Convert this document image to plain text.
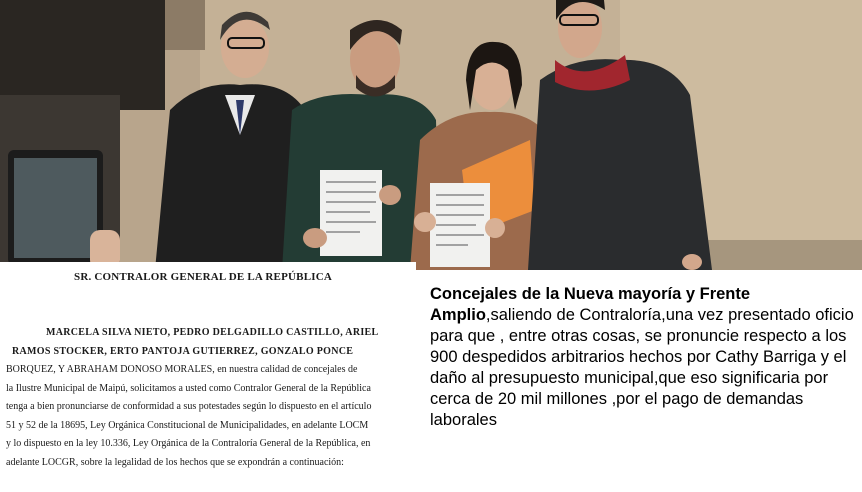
SR. CONTRALOR GENERAL DE LA REPÚBLICA
MARCELA SILVA NIETO, PEDRO DELGADILLO CASTILLO, ARIEL
RAMOS STOCKER, ERTO PANTOJA GUTIERREZ, GONZALO PONCE
BORQUEZ, Y ABRAHAM DONOSO MORALES, en nuestra calidad de concejales de
la Ilustre Municipal de Maipú, solicitamos a usted como Contralor General de la República
tenga a bien pronunciarse de conformidad a sus potestades según lo dispuesto en el artículo
51 y 52 de la 18695, Ley Orgánica Constitucional de Municipalidades, en adelante LOCM
y lo dispuesto en la ley 10.336, Ley Orgánica de la Contraloría General de la República, en
adelante LOCGR, sobre la legalidad de los hechos que se expondrán a continuación:
Concejales de la Nueva mayoría y Frente Amplio,saliendo de Contraloría,una vez presentado oficio para que , entre otras cosas, se pronuncie respecto a los 900 despedidos arbitrarios hechos por Cathy Barriga y el daño al presupuesto municipal,que eso significaria por cerca de 20 mil millones ,por el pago de demandas laborales
